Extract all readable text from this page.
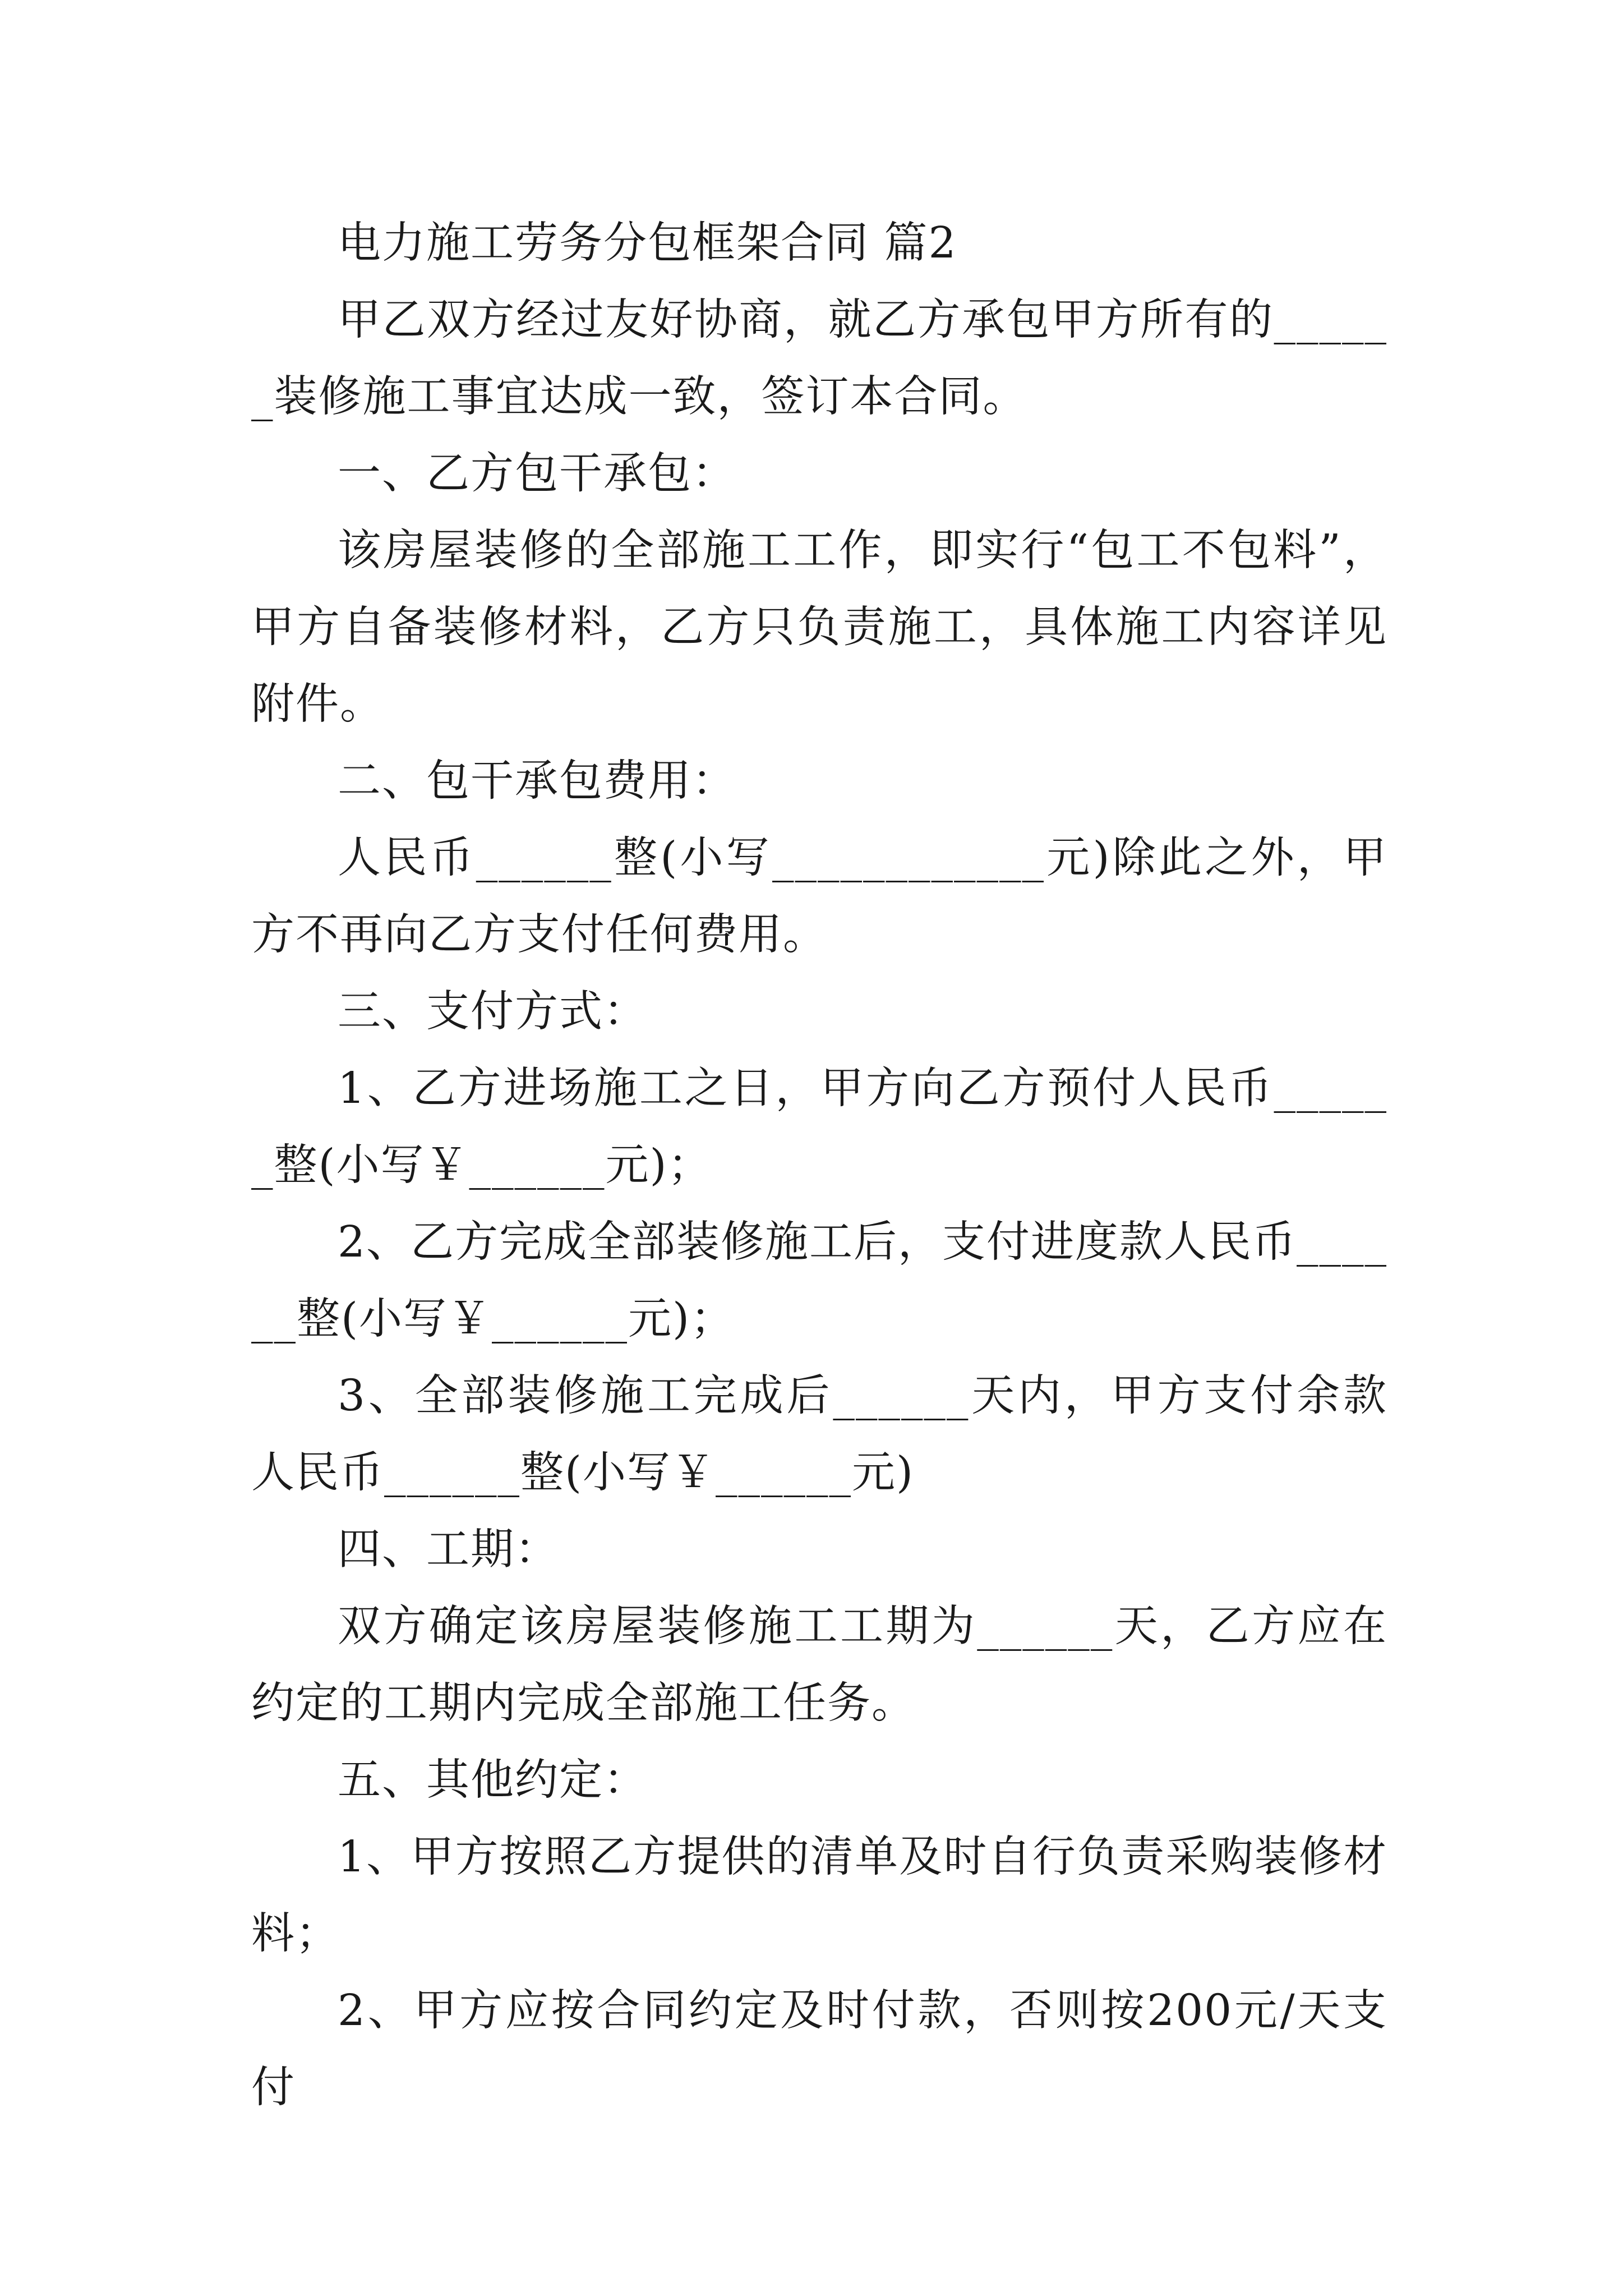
电力施工劳务分包框架合同 篇2

甲乙双方经过友好协商，就乙方承包甲方所有的______装修施工事宜达成一致，签订本合同。

一、乙方包干承包：

该房屋装修的全部施工工作，即实行“包工不包料”，甲方自备装修材料，乙方只负责施工，具体施工内容详见附件。

二、包干承包费用：

人民币______整(小写____________元)除此之外，甲方不再向乙方支付任何费用。

三、支付方式：

1、乙方进场施工之日，甲方向乙方预付人民币______整(小写￥______元)；

2、乙方完成全部装修施工后，支付进度款人民币______整(小写￥______元)；

3、全部装修施工完成后______天内，甲方支付余款人民币______整(小写￥______元)

四、工期：

双方确定该房屋装修施工工期为______天，乙方应在约定的工期内完成全部施工任务。

五、其他约定：

1、甲方按照乙方提供的清单及时自行负责采购装修材料；

2、甲方应按合同约定及时付款，否则按200元/天支付
